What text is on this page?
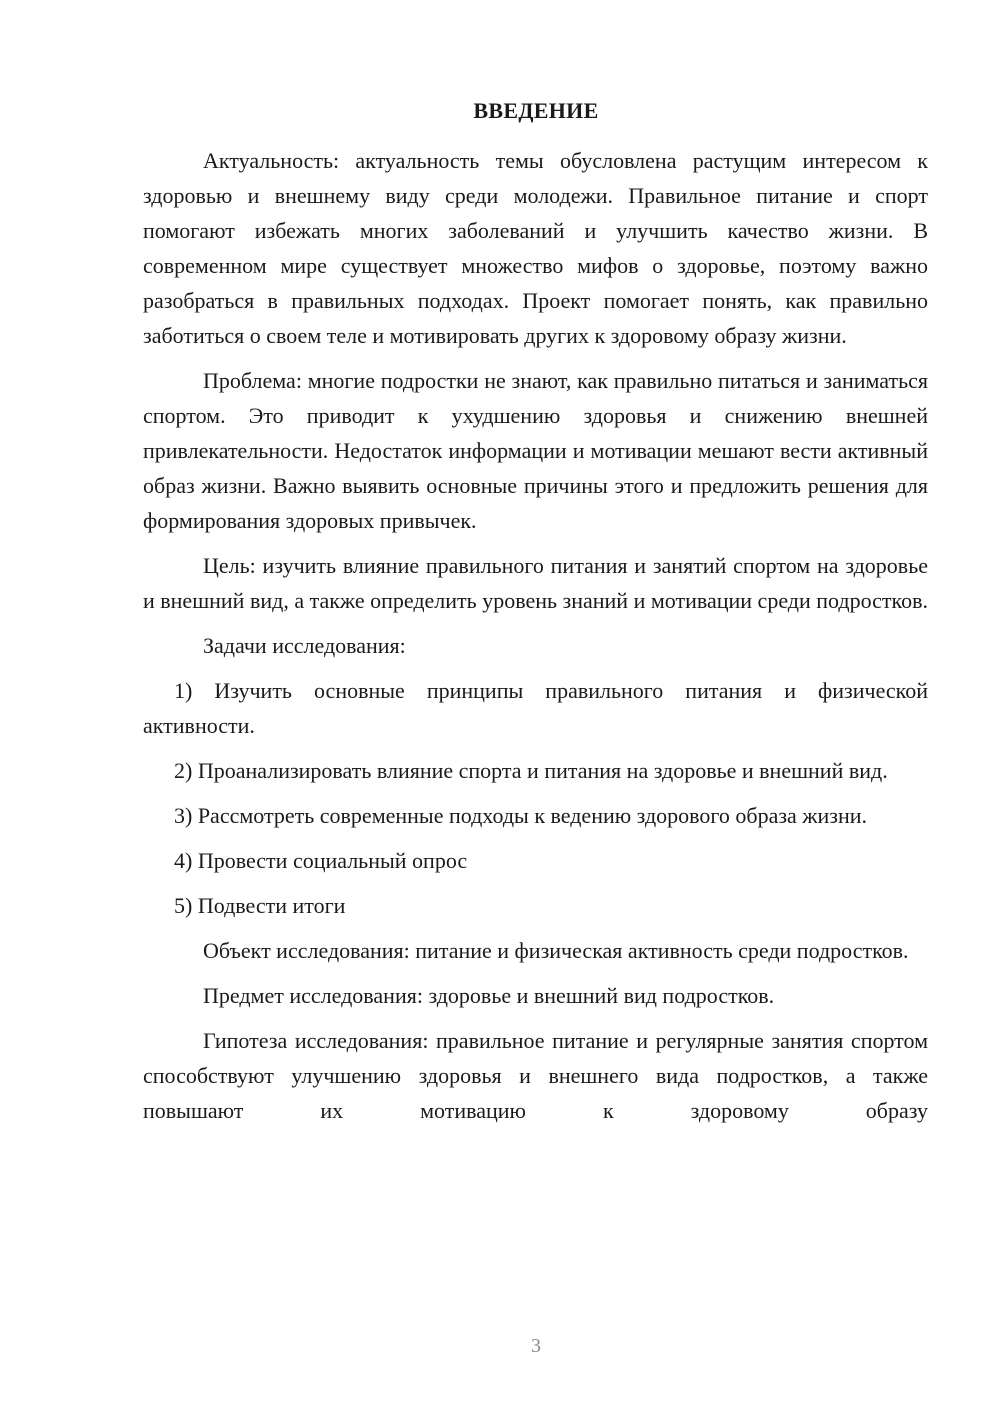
ВВЕДЕНИЕ

Актуальность: актуальность темы обусловлена растущим интересом к здоровью и внешнему виду среди молодежи. Правильное питание и спорт помогают избежать многих заболеваний и улучшить качество жизни. В современном мире существует множество мифов о здоровье, поэтому важно разобраться в правильных подходах. Проект помогает понять, как правильно заботиться о своем теле и мотивировать других к здоровому образу жизни.

Проблема: многие подростки не знают, как правильно питаться и заниматься спортом. Это приводит к ухудшению здоровья и снижению внешней привлекательности. Недостаток информации и мотивации мешают вести активный образ жизни. Важно выявить основные причины этого и предложить решения для формирования здоровых привычек.

Цель: изучить влияние правильного питания и занятий спортом на здоровье и внешний вид, а также определить уровень знаний и мотивации среди подростков.

Задачи исследования:

1) Изучить основные принципы правильного питания и физической активности.

2) Проанализировать влияние спорта и питания на здоровье и внешний вид.

3) Рассмотреть современные подходы к ведению здорового образа жизни.

4) Провести социальный опрос

5) Подвести итоги

Объект исследования: питание и физическая активность среди подростков.

Предмет исследования: здоровье и внешний вид подростков.

Гипотеза исследования: правильное питание и регулярные занятия спортом способствуют улучшению здоровья и внешнего вида подростков, а также повышают их мотивацию к здоровому образу

3
